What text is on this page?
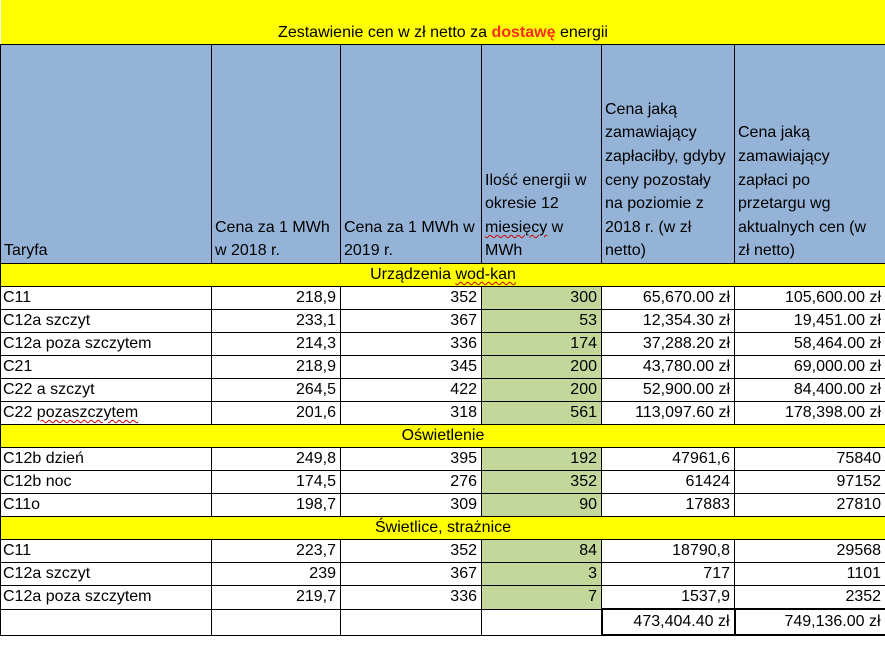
Zestawienie cen w zł netto za dostawę energii					
Taryfa	Cena za 1 MWh w 2018 r.	Cena za 1 MWh w 2019 r.	Ilość energii w okresie 12 miesięcy w MWh	Cena jaką zamawiający zapłaciłby, gdyby ceny pozostały na poziomie z 2018 r. (w zł netto)	Cena jaką zamawiający zapłaci po przetargu wg aktualnych cen (w zł netto)
Urządzenia wod-kan					
C11	218,9	352	300	65,670.00 zł	105,600.00 zł
C12a szczyt	233,1	367	53	12,354.30 zł	19,451.00 zł
C12a poza szczytem	214,3	336	174	37,288.20 zł	58,464.00 zł
C21	218,9	345	200	43,780.00 zł	69,000.00 zł
C22 a szczyt	264,5	422	200	52,900.00 zł	84,400.00 zł
C22 pozaszczytem	201,6	318	561	113,097.60 zł	178,398.00 zł
Oświetlenie					
C12b dzień	249,8	395	192	47961,6	75840
C12b noc	174,5	276	352	61424	97152
C11o	198,7	309	90	17883	27810
Świetlice, strażnice					
C11	223,7	352	84	18790,8	29568
C12a szczyt	239	367	3	717	1101
C12a poza szczytem	219,7	336	7	1537,9	2352
				473,404.40 zł	749,136.00 zł
